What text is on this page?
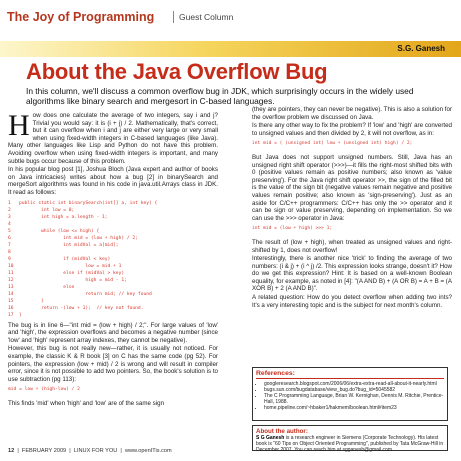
The Joy of Programming	Guest Column
S.G. Ganesh
About the Java Overflow Bug
In this column, we'll discuss a common overflow bug in JDK, which surprisingly occurs in the widely used algorithms like binary search and mergesort in C-based languages.

H ow does one calculate the average of two integers, say i and j? Trivial you would say: it is (i + j) / 2. Mathematically, that's correct, but it can overflow when i and j are either very large or very small when using fixed-width integers in C-based languages (like Java). Many other languages like Lisp and Python do not have this problem. Avoiding overflow when using fixed-width integers is important, and many subtle bugs occur because of this problem.

In his popular blog post [1], Joshua Bloch (Java expert and author of books on Java intricacies) writes about how a bug [2] in binarySearch and mergeSort algorithms was found in his code in java.util.Arrays class in JDK. It read as follows:

1	public static int binarySearch(int[] a, int key) {
2	int low = 0;
3	int high = a.length - 1;
4
5	while (low <= high) {
6	int mid = (low + high) / 2;
7	int midVal = a[mid];
8
9	if (midVal < key)
10	low = mid + 1
11	else if (midVal > key)
12	high = mid - 1;
13	else
14	return mid; // key found
15	}
16	return -(low + 1);  // key not found.
17	}

The bug is in line 6—"int mid = (low + high) / 2;". For large values of 'low' and 'high', the expression overflows and becomes a negative number (since 'low' and 'high' represent array indexes, they cannot be negative).

However, this bug is not really new—rather, it is usually not noticed. For example, the classic K & R book [3] on C has the same code (pg 52). For pointers, the expression (low + mid) / 2 is wrong and will result in compiler error, since it is not possible to add two pointers. So, the book's solution is to use subtraction (pg 113):

mid = low + (high-low) / 2

This finds 'mid' when 'high' and 'low' are of the same sign

(they are pointers, they can never be negative). This is also a solution for the overflow problem we discussed on Java.

Is there any other way to fix the problem? If 'low' and 'high' are converted to unsigned values and then divided by 2, it will not overflow, as in:

int mid = ( (unsigned int) low + (unsigned int) high) / 2;

But Java does not support unsigned numbers. Still, Java has an unsigned right shift operator (>>>)—it fills the right-most shifted bits with 0 (positive values remain as positive numbers; also known as 'value preserving'). For the Java right shift operator >>, the sign of the filled bit is the value of the sign bit (negative values remain negative and positive values remain positive; also known as 'sign-preserving'). Just as an aside for C/C++ programmers: C/C++ has only the >> operator and it can be sign or value preserving, depending on implementation. So we can use the >>> operator in Java:

int mid = (low + high) >>> 1;

The result of (low + high), when treated as unsigned values and right-shifted by 1, does not overflow!

Interestingly, there is another nice 'trick' to finding the average of two numbers: (i & j) + (i ^ j) /2. This expression looks strange, doesn't it? How do we get this expression? Hint: It is based on a well-known Boolean equality, for example, as noted in [4]: "(A AND B) + (A OR B) = A + B = (A XOR B) + 2 (A AND B)".

A related question: How do you detect overflow when adding two ints? It's a very interesting topic and is the subject for next month's column.

References:
• googleresearch.blogspot.com/2006/06/extra-extra-read-all-about-it-nearly.html
• bugs.sun.com/bugdatabase/view_bug.do?bug_id=5045582
• The C Programming Language, Brian W. Kernighan, Dennis M. Ritchie, Prentice-Hall, 1988.
• home.pipeline.com/~hbaker1/hakmem/boolean.html#item23
About the author:
S G Ganesh is a research engineer in Siemens (Corporate Technology). His latest book is "60 Tips on Object Oriented Programming", published by Tata McGraw-Hill in December 2007. You can reach him at sgganesh@gmail.com.
12  |  FEBRUARY 2009  |  LINUX FOR YOU  |  www.openITis.com
